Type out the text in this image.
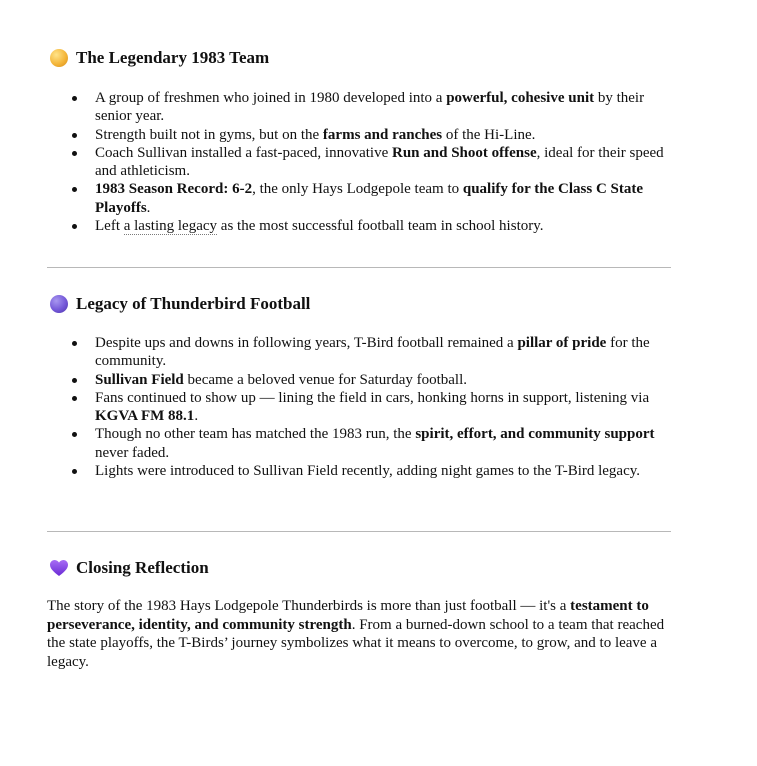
The Legendary 1983 Team
A group of freshmen who joined in 1980 developed into a powerful, cohesive unit by their senior year.
Strength built not in gyms, but on the farms and ranches of the Hi-Line.
Coach Sullivan installed a fast-paced, innovative Run and Shoot offense, ideal for their speed and athleticism.
1983 Season Record: 6-2, the only Hays Lodgepole team to qualify for the Class C State Playoffs.
Left a lasting legacy as the most successful football team in school history.
Legacy of Thunderbird Football
Despite ups and downs in following years, T-Bird football remained a pillar of pride for the community.
Sullivan Field became a beloved venue for Saturday football.
Fans continued to show up — lining the field in cars, honking horns in support, listening via KGVA FM 88.1.
Though no other team has matched the 1983 run, the spirit, effort, and community support never faded.
Lights were introduced to Sullivan Field recently, adding night games to the T-Bird legacy.
Closing Reflection

The story of the 1983 Hays Lodgepole Thunderbirds is more than just football — it's a testament to perseverance, identity, and community strength. From a burned-down school to a team that reached the state playoffs, the T-Birds’ journey symbolizes what it means to overcome, to grow, and to leave a legacy.
